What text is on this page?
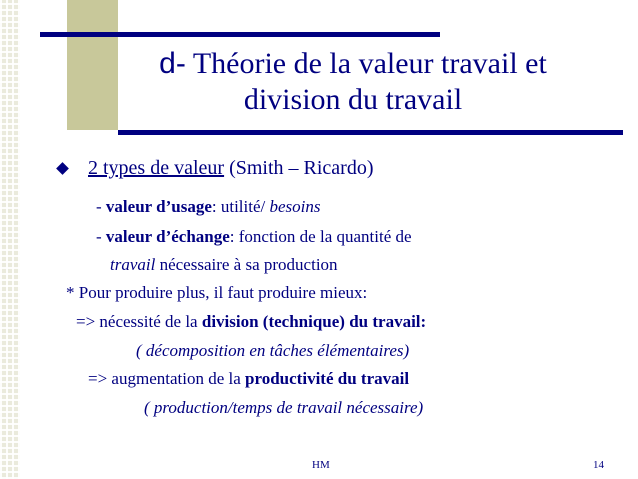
d- Théorie de la valeur travail et
division du travail
2 types de valeur (Smith – Ricardo)
- valeur d’usage: utilité/ besoins
- valeur d’échange: fonction de la quantité de
travail nécessaire à sa production
* Pour produire plus, il faut produire mieux:
=> nécessité de la division (technique) du travail:
( décomposition en tâches élémentaires)
=> augmentation de la productivité du travail
( production/temps de travail nécessaire)
HM	14
